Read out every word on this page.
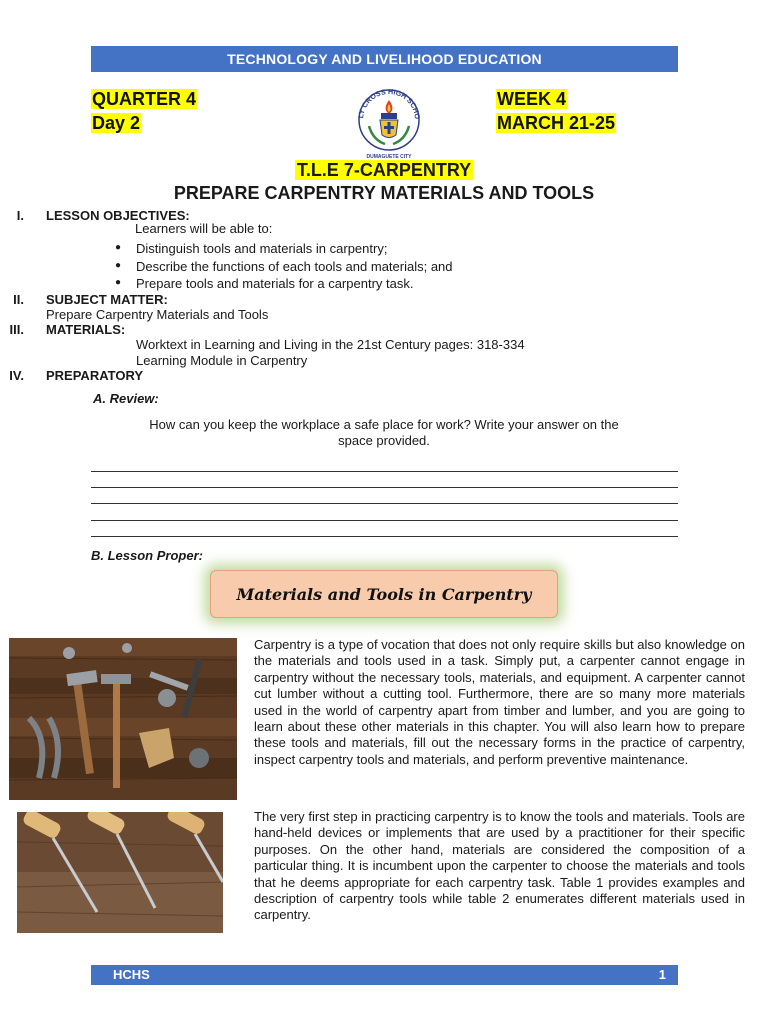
TECHNOLOGY AND LIVELIHOOD EDUCATION
QUARTER 4
Day 2
WEEK 4
MARCH 21-25
LY CROSS HIGH SCHO
DUMAGUETE CITY
T.L.E 7-CARPENTRY
PREPARE CARPENTRY MATERIALS AND TOOLS
I. LESSON OBJECTIVES:
Learners will be able to:
● Distinguish tools and materials in carpentry;
● Describe the functions of each tools and materials; and
● Prepare tools and materials for a carpentry task.
II. SUBJECT MATTER:
Prepare Carpentry Materials and Tools
III. MATERIALS:
Worktext in Learning and Living in the 21st Century pages: 318-334
Learning Module in Carpentry
IV. PREPARATORY
A. Review:
How can you keep the workplace a safe place for work? Write your answer on the
space provided.
B. Lesson Proper:
Materials and Tools in Carpentry
Carpentry is a type of vocation that does not only require skills but also knowledge on the materials and tools used in a task. Simply put, a carpenter cannot engage in carpentry without the necessary tools, materials, and equipment. A carpenter cannot cut lumber without a cutting tool. Furthermore, there are so many more materials used in the world of carpentry apart from timber and lumber, and you are going to learn about these other materials in this chapter. You will also learn how to prepare these tools and materials, fill out the necessary forms in the practice of carpentry, inspect carpentry tools and materials, and perform preventive maintenance.
The very first step in practicing carpentry is to know the tools and materials. Tools are hand-held devices or implements that are used by a practitioner for their specific purposes. On the other hand, materials are considered the composition of a particular thing. It is incumbent upon the carpenter to choose the materials and tools that he deems appropriate for each carpentry task. Table 1 provides examples and description of carpentry tools while table 2 enumerates different materials used in carpentry.
HCHS	1
